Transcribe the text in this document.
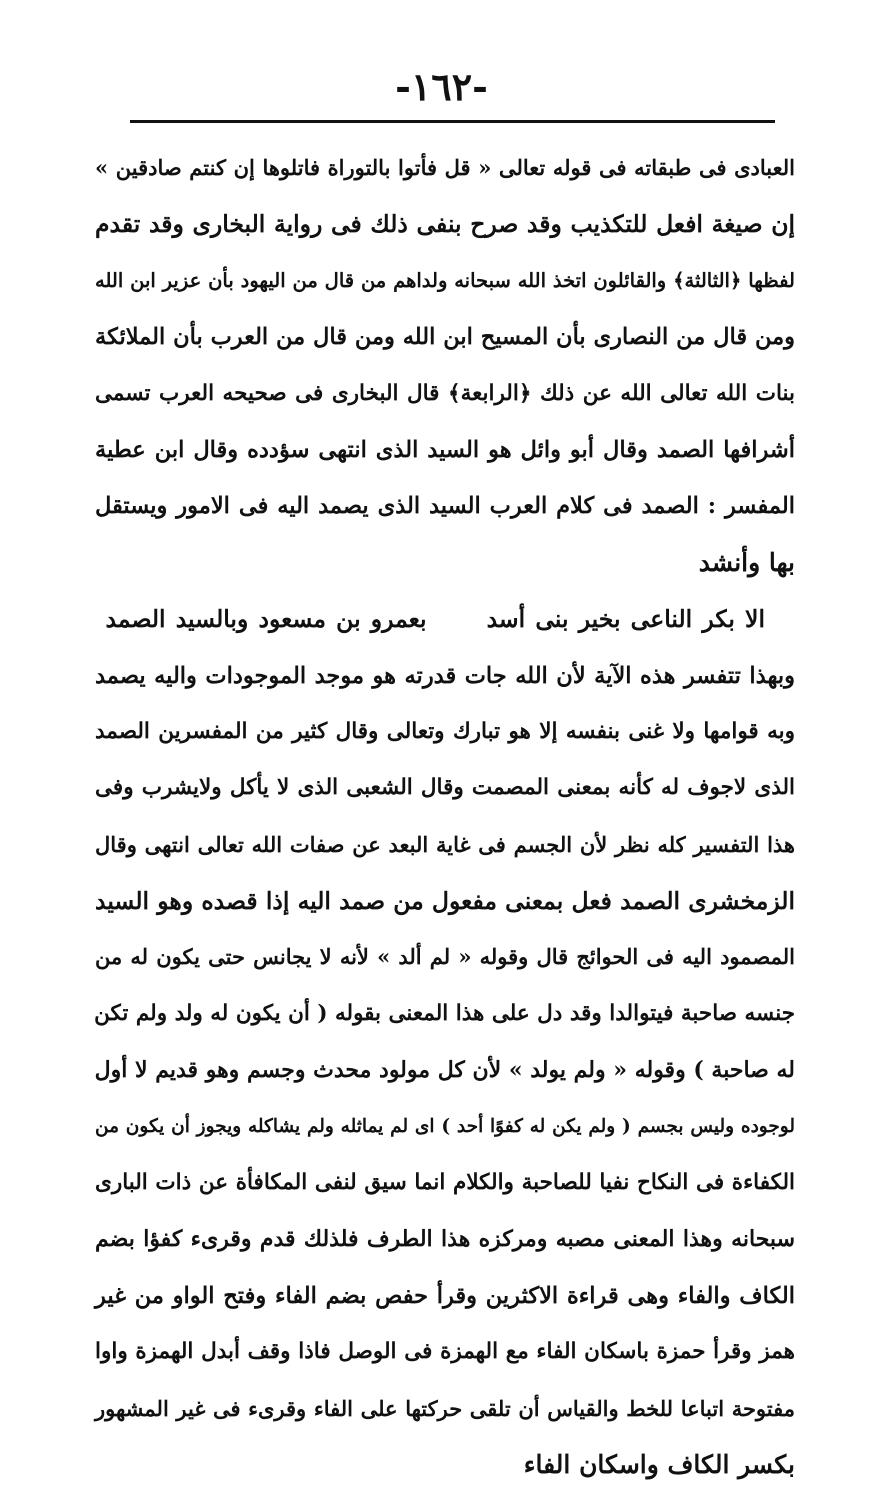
-١٦٢-
العبادى فى طبقاته فى قوله تعالى « قل فأتوا بالتوراة فاتلوها إن كنتم صادقين »
إن صيغة افعل للتكذيب وقد صرح بنفى ذلك فى رواية البخارى وقد تقدم
لفظها ﴿الثالثة﴾ والقائلون اتخذ الله سبحانه ولداهم من قال من اليهود بأن عزير ابن الله
ومن قال من النصارى بأن المسيح ابن الله ومن قال من العرب بأن الملائكة
بنات الله تعالى الله عن ذلك ﴿الرابعة﴾ قال البخارى فى صحيحه العرب تسمى
أشرافها الصمد وقال أبو وائل هو السيد الذى انتهى سؤدده وقال ابن عطية
المفسر : الصمد فى كلام العرب السيد الذى يصمد اليه فى الامور ويستقل
بها وأنشد
الا بكر الناعى بخير بنى أسدبعمرو بن مسعود وبالسيد الصمد
وبهذا تتفسر هذه الآية لأن الله جات قدرته هو موجد الموجودات واليه يصمد
وبه قوامها ولا غنى بنفسه إلا هو تبارك وتعالى وقال كثير من المفسرين الصمد
الذى لاجوف له كأنه بمعنى المصمت وقال الشعبى الذى لا يأكل ولايشرب وفى
هذا التفسير كله نظر لأن الجسم فى غاية البعد عن صفات الله تعالى انتهى وقال
الزمخشرى الصمد فعل بمعنى مفعول من صمد اليه إذا قصده وهو السيد
المصمود اليه فى الحوائج قال وقوله « لم ألد » لأنه لا يجانس حتى يكون له من
جنسه صاحبة فيتوالدا وقد دل على هذا المعنى بقوله ( أن يكون له ولد ولم تكن
له صاحبة ) وقوله « ولم يولد » لأن كل مولود محدث وجسم وهو قديم لا أول
لوجوده وليس بجسم ( ولم يكن له كفوًا أحد ) اى لم يماثله ولم يشاكله ويجوز أن يكون من
الكفاءة فى النكاح نفيا للصاحبة والكلام انما سيق لنفى المكافأة عن ذات البارى
سبحانه وهذا المعنى مصبه ومركزه هذا الطرف فلذلك قدم وقرىء كفؤا بضم
الكاف والفاء وهى قراءة الاكثرين وقرأ حفص بضم الفاء وفتح الواو من غير
همز وقرأ حمزة باسكان الفاء مع الهمزة فى الوصل فاذا وقف أبدل الهمزة واوا
مفتوحة اتباعا للخط والقياس أن تلقى حركتها على الفاء وقرىء فى غير المشهور
بكسر الكاف واسكان الفاء
